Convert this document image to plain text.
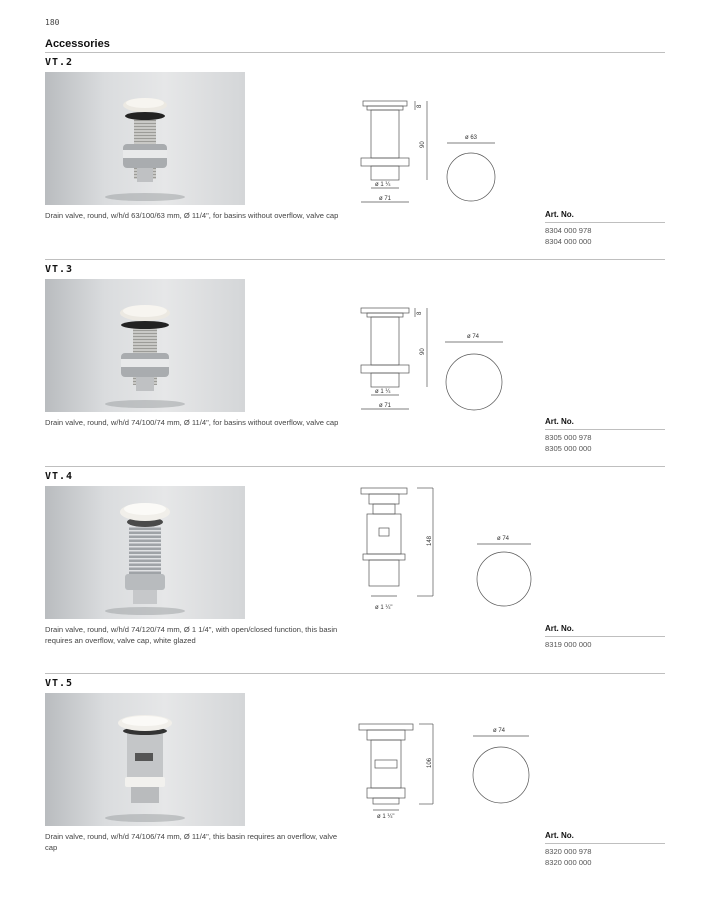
180
Accessories
VT.2
8
90
ø 1 ¼
ø 71
ø 63
Drain valve, round, w/h/d 63/100/63 mm, Ø 11/4", for basins without overflow, valve cap	Art. No.
8304 000 978
8304 000 000
VT.3
8
90
ø 1 ¼
ø 71
ø 74
Drain valve, round, w/h/d 74/100/74 mm, Ø 11/4", for basins without overflow, valve cap	Art. No.
8305 000 978
8305 000 000
VT.4
148
ø 1 ¼"
ø 74
Drain valve, round, w/h/d 74/120/74 mm, Ø 1 1/4", with open/closed function, this basin requires an overflow, valve cap, white glazed
Art. No.
8319 000 000
VT.5
106
ø 1 ¼"
ø 74
Drain valve, round, w/h/d 74/106/74 mm, Ø 11/4", this basin requires an overflow, valve cap
Art. No.
8320 000 978
8320 000 000
